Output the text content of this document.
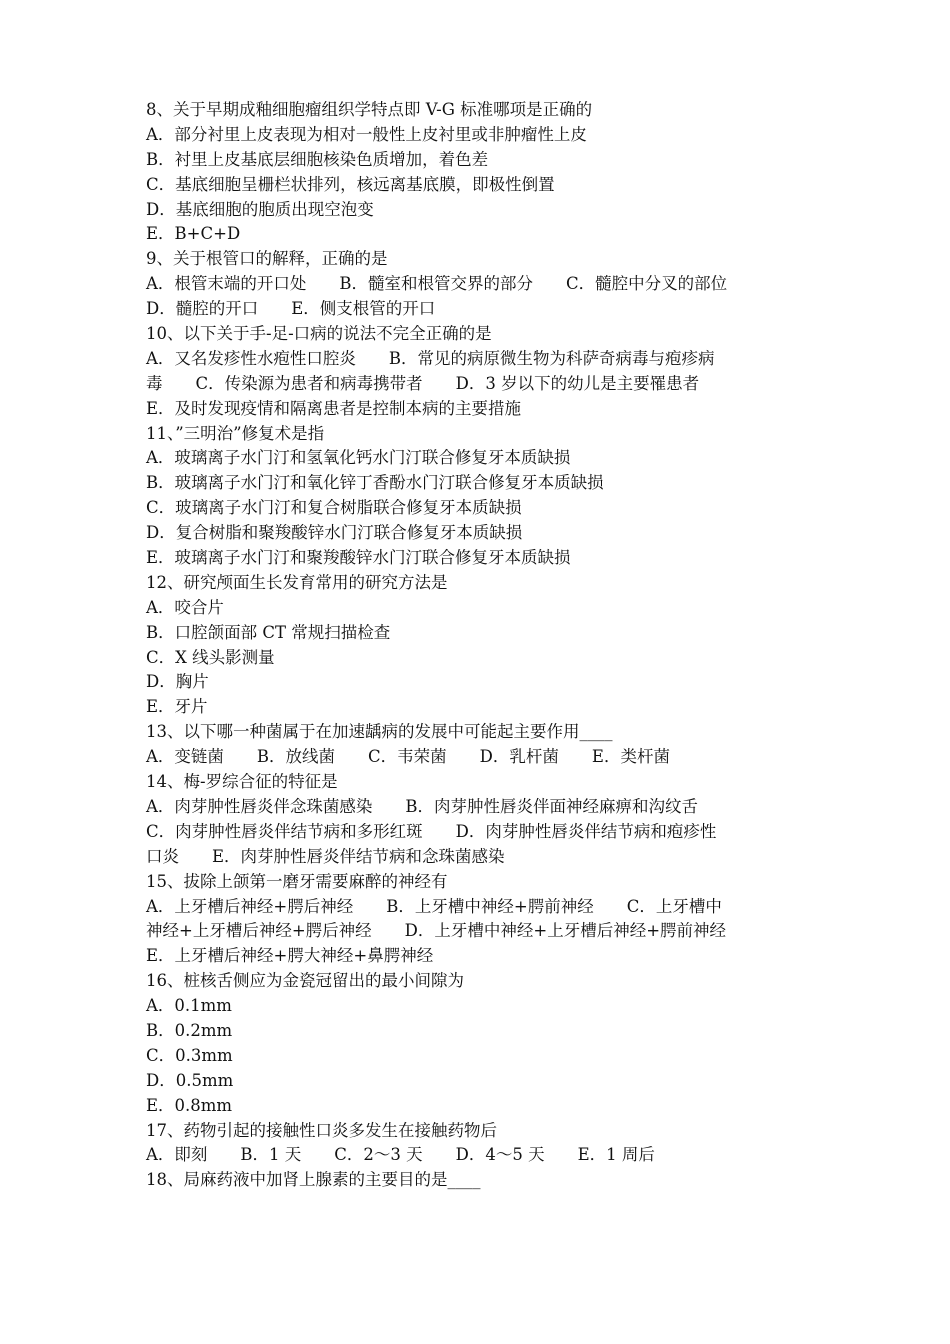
8、关于早期成釉细胞瘤组织学特点即 V-G 标准哪项是正确的
A．部分衬里上皮表现为相对一般性上皮衬里或非肿瘤性上皮
B．衬里上皮基底层细胞核染色质增加，着色差
C．基底细胞呈栅栏状排列，核远离基底膜，即极性倒置
D．基底细胞的胞质出现空泡变
E．B+C+D
9、关于根管口的解释，正确的是
A．根管末端的开口处　　B．髓室和根管交界的部分　　C．髓腔中分叉的部位
D．髓腔的开口　　E．侧支根管的开口
10、以下关于手-足-口病的说法不完全正确的是
A．又名发疹性水疱性口腔炎　　B．常见的病原微生物为科萨奇病毒与疱疹病
毒　　C．传染源为患者和病毒携带者　　D．3 岁以下的幼儿是主要罹患者
E．及时发现疫情和隔离患者是控制本病的主要措施
11、”三明治”修复术是指
A．玻璃离子水门汀和氢氧化钙水门汀联合修复牙本质缺损
B．玻璃离子水门汀和氧化锌丁香酚水门汀联合修复牙本质缺损
C．玻璃离子水门汀和复合树脂联合修复牙本质缺损
D．复合树脂和聚羧酸锌水门汀联合修复牙本质缺损
E．玻璃离子水门汀和聚羧酸锌水门汀联合修复牙本质缺损
12、研究颅面生长发育常用的研究方法是
A．咬合片
B．口腔颌面部 CT 常规扫描检查
C．X 线头影测量
D．胸片
E．牙片
13、以下哪一种菌属于在加速龋病的发展中可能起主要作用____
A．变链菌　　B．放线菌　　C．韦荣菌　　D．乳杆菌　　E．类杆菌
14、梅-罗综合征的特征是
A．肉芽肿性唇炎伴念珠菌感染　　B．肉芽肿性唇炎伴面神经麻痹和沟纹舌
C．肉芽肿性唇炎伴结节病和多形红斑　　D．肉芽肿性唇炎伴结节病和疱疹性
口炎　　E．肉芽肿性唇炎伴结节病和念珠菌感染
15、拔除上颌第一磨牙需要麻醉的神经有
A．上牙槽后神经+腭后神经　　B．上牙槽中神经+腭前神经　　C．上牙槽中
神经+上牙槽后神经+腭后神经　　D．上牙槽中神经+上牙槽后神经+腭前神经
E．上牙槽后神经+腭大神经+鼻腭神经
16、桩核舌侧应为金瓷冠留出的最小间隙为
A．0.1mm
B．0.2mm
C．0.3mm
D．0.5mm
E．0.8mm
17、药物引起的接触性口炎多发生在接触药物后
A．即刻　　B．1 天　　C．2～3 天　　D．4～5 天　　E．1 周后
18、局麻药液中加肾上腺素的主要目的是____
